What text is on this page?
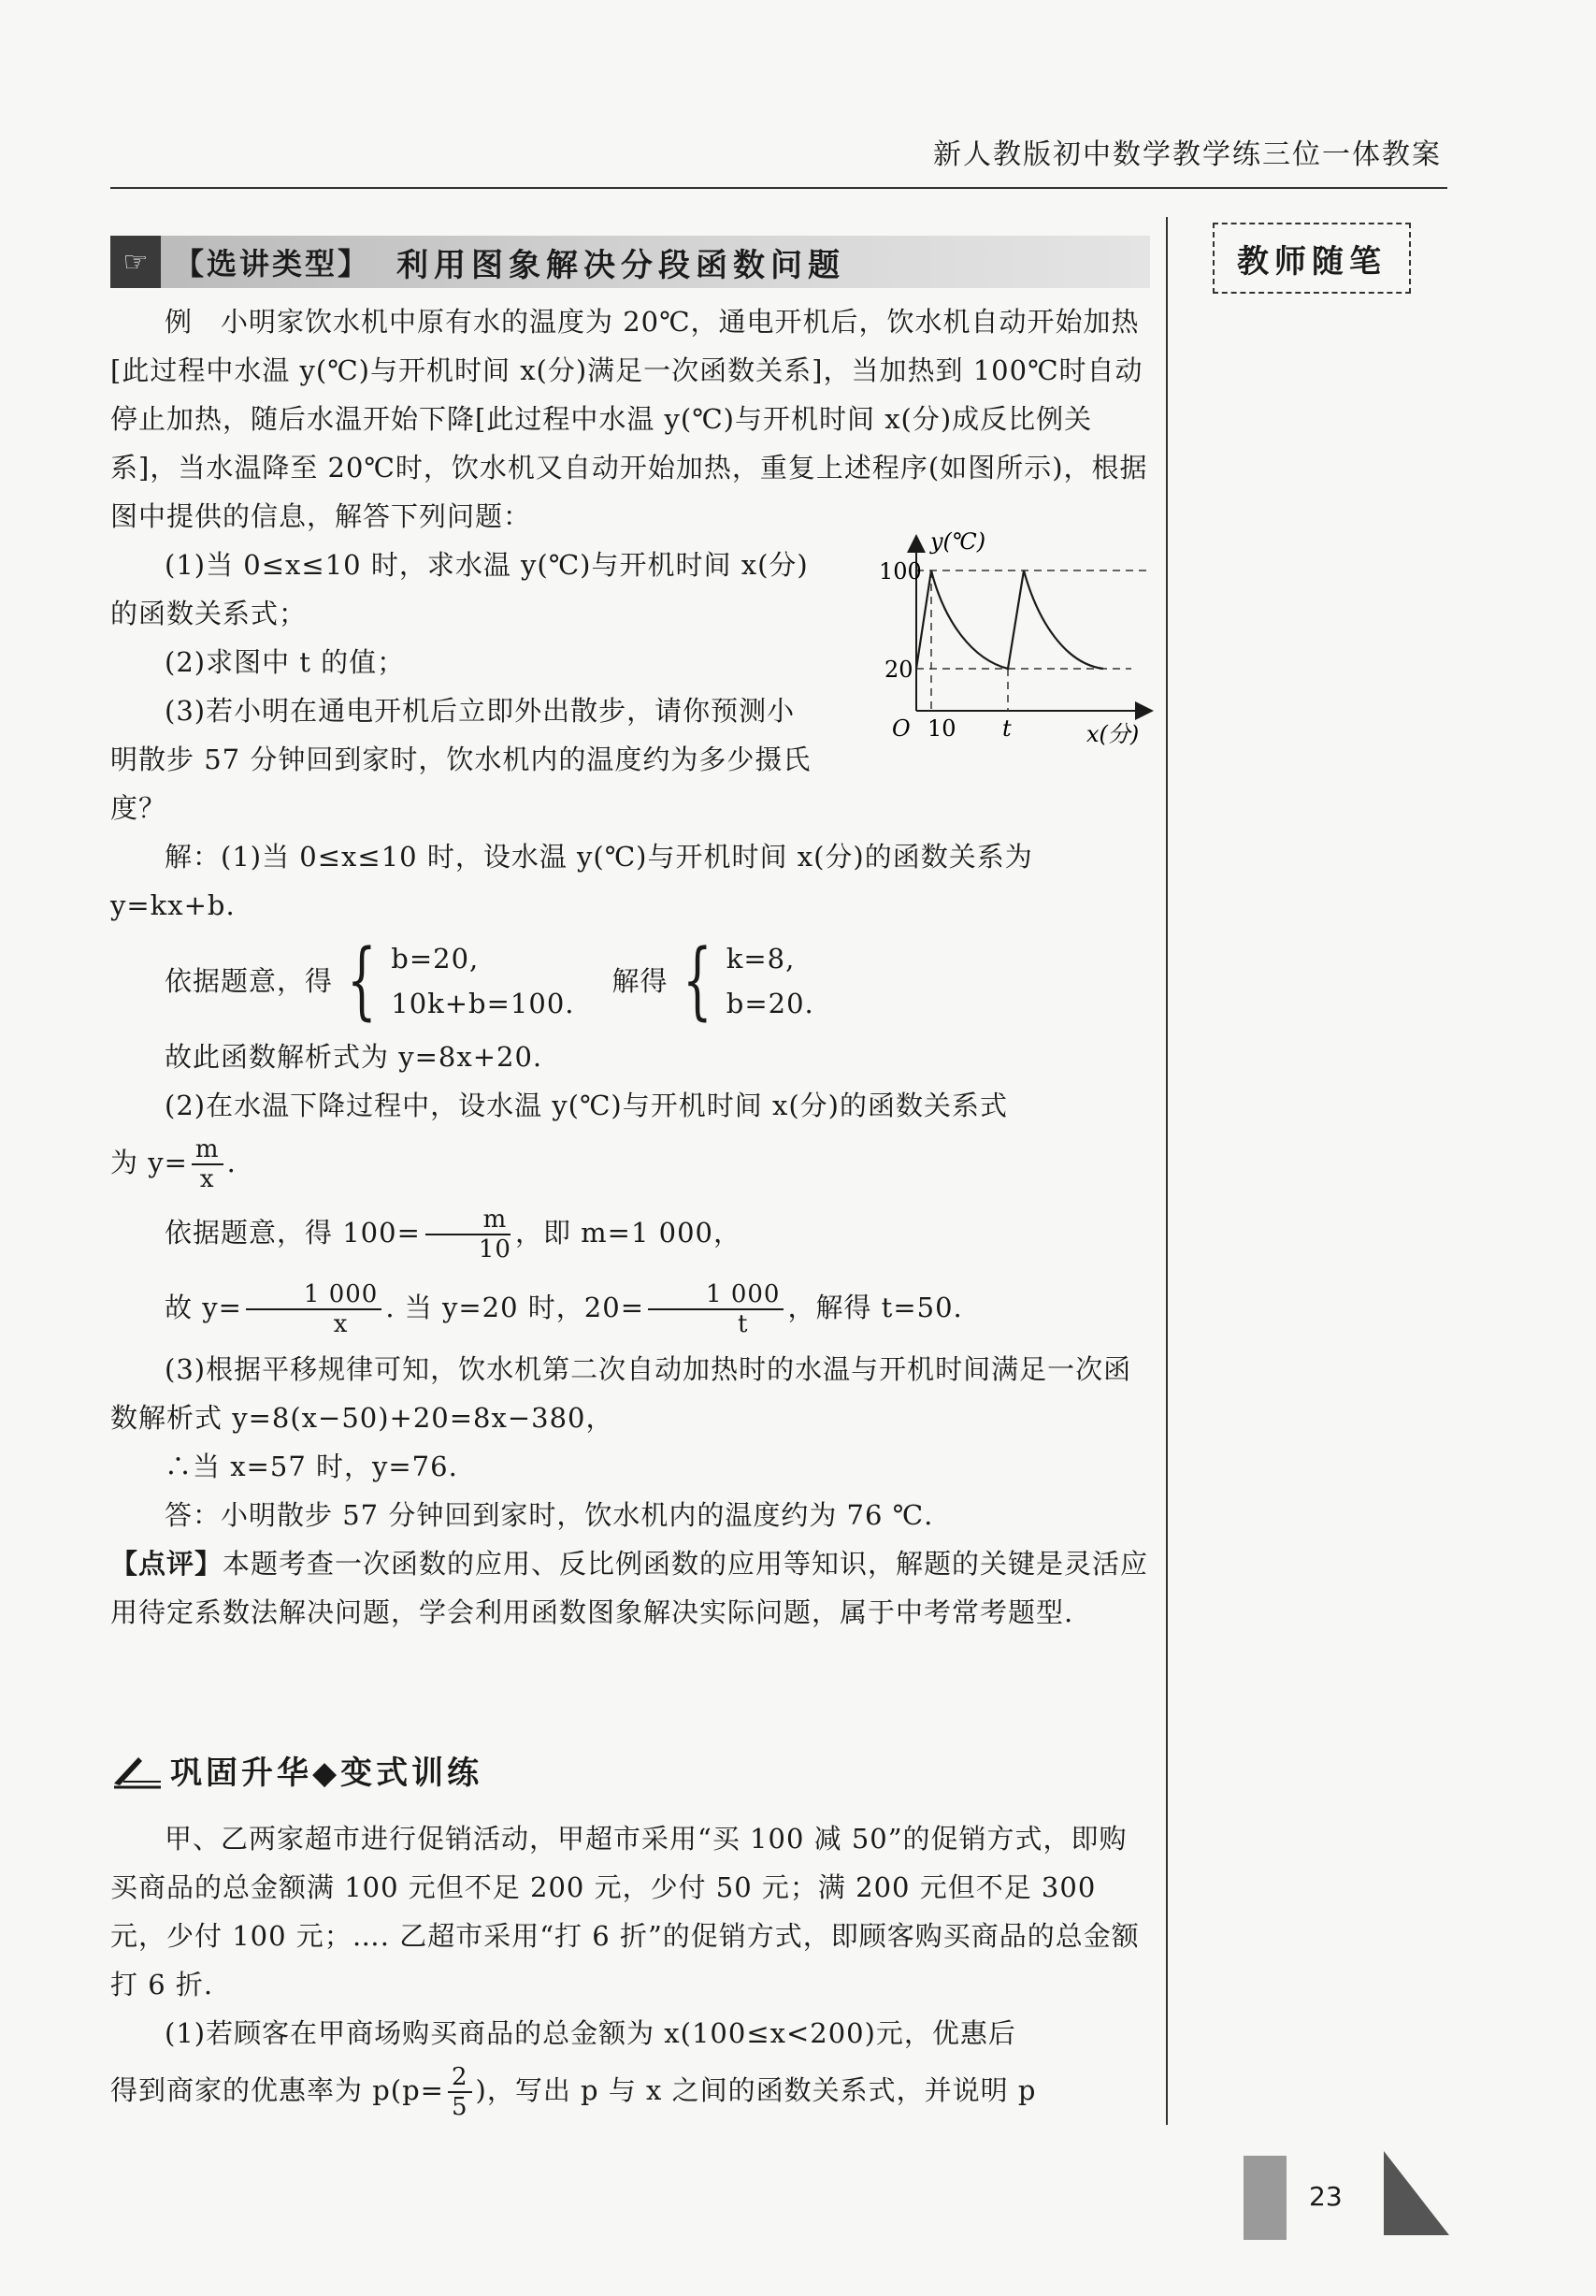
新人教版初中数学教学练三位一体教案
教师随笔
☞ 【选讲类型】 利用图象解决分段函数问题

例　小明家饮水机中原有水的温度为 20℃，通电开机后，饮水机自动开始加热[此过程中水温 y(℃)与开机时间 x(分)满足一次函数关系]，当加热到 100℃时自动停止加热，随后水温开始下降[此过程中水温 y(℃)与开机时间 x(分)成反比例关系]，当水温降至 20℃时，饮水机又自动开始加热，重复上述程序(如图所示)，根据图中提供的信息，解答下列问题：

(1)当 0≤x≤10 时，求水温 y(℃)与开机时间 x(分)的函数关系式；

(2)求图中 t 的值；

(3)若小明在通电开机后立即外出散步，请你预测小明散步 57 分钟回到家时，饮水机内的温度约为多少摄氏度？

解：(1)当 0≤x≤10 时，设水温 y(℃)与开机时间 x(分)的函数关系为

y=kx+b.

依据题意，得 { b=20,
10k+b=100.
解得 { k=8,
b=20.

故此函数解析式为 y=8x+20.

(2)在水温下降过程中，设水温 y(℃)与开机时间 x(分)的函数关系式

为 $y= \frac{m}{x}$ .

依据题意，得 $100= \frac{m}{10}$ ，即 m=1 000，

故 $y= \frac{1 000}{x}$ . 当 y=20 时，$20= \frac{1 000}{t}$ ，解得 t=50.

(3)根据平移规律可知，饮水机第二次自动加热时的水温与开机时间满足一次函数解析式 y=8(x−50)+20=8x−380，

∴当 x=57 时，y=76.

答：小明散步 57 分钟回到家时，饮水机内的温度约为 76 ℃.

【点评】本题考查一次函数的应用、反比例函数的应用等知识，解题的关键是灵活应用待定系数法解决问题，学会利用函数图象解决实际问题，属于中考常考题型.

100
20
y(℃)
O 10 t	x(分)
巩固升华◆变式训练

甲、乙两家超市进行促销活动，甲超市采用“买 100 减 50”的促销方式，即购买商品的总金额满 100 元但不足 200 元，少付 50 元；满 200 元但不足 300 元，少付 100 元；…. 乙超市采用“打 6 折”的促销方式，即顾客购买商品的总金额打 6 折.

(1)若顾客在甲商场购买商品的总金额为 x(100≤x<200)元，优惠后

得到商家的优惠率为 $p(p= \frac{2}{5}$ )，写出 p 与 x 之间的函数关系式，并说明 p

23
